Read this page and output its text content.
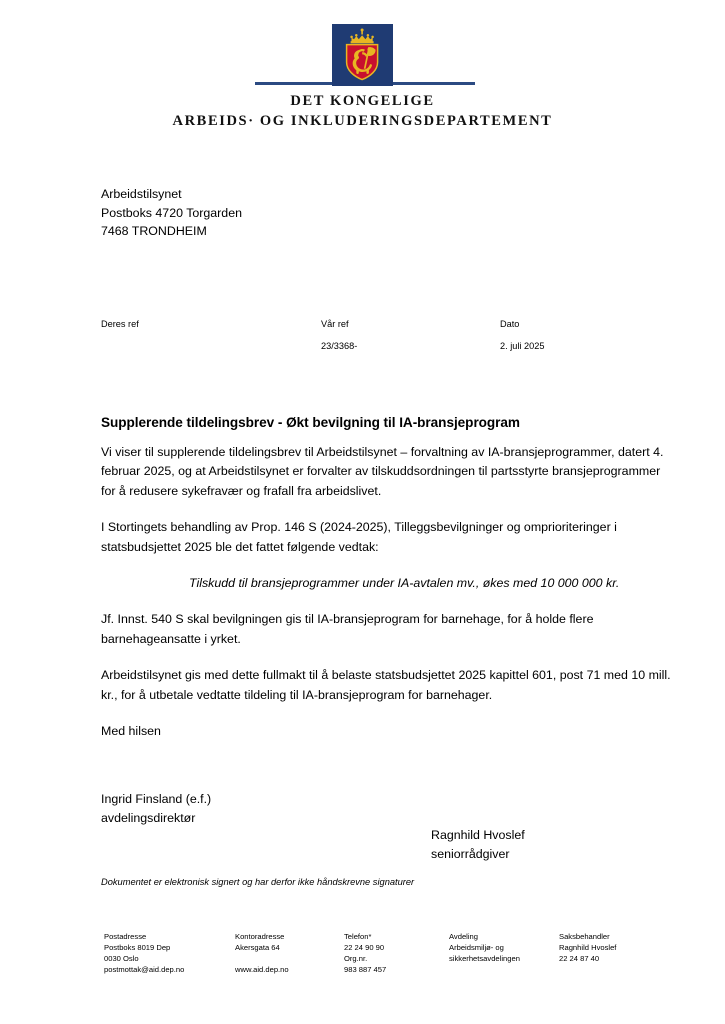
DET KONGELIGE
ARBEIDS· OG INKLUDERINGSDEPARTEMENT
Arbeidstilsynet
Postboks 4720 Torgarden
7468 TRONDHEIM
Deres ref	Vår ref
23/3368-
Dato
2. juli 2025
Supplerende tildelingsbrev - Økt bevilgning til IA-bransjeprogram

Vi viser til supplerende tildelingsbrev til Arbeidstilsynet – forvaltning av IA-bransjeprogrammer, datert 4. februar 2025, og at Arbeidstilsynet er forvalter av tilskuddsordningen til partsstyrte bransjeprogrammer for å redusere sykefravær og frafall fra arbeidslivet.

I Stortingets behandling av Prop. 146 S (2024-2025), Tilleggsbevilgninger og omprioriteringer i statsbudsjettet 2025 ble det fattet følgende vedtak:

Tilskudd til bransjeprogrammer under IA-avtalen mv., økes med 10 000 000 kr.

Jf. Innst. 540 S skal bevilgningen gis til IA-bransjeprogram for barnehage, for å holde flere barnehageansatte i yrket.

Arbeidstilsynet gis med dette fullmakt til å belaste statsbudsjettet 2025 kapittel 601, post 71 med 10 mill. kr., for å utbetale vedtatte tildeling til IA-bransjeprogram for barnehager.

Med hilsen

Ingrid Finsland (e.f.)
avdelingsdirektør
Ragnhild Hvoslef
seniorrådgiver
Dokumentet er elektronisk signert og har derfor ikke håndskrevne signaturer
Postadresse
Postboks 8019 Dep
0030 Oslo
postmottak@aid.dep.no
Kontoradresse
Akersgata 64

www.aid.dep.no
Telefon*
22 24 90 90
Org.nr.
983 887 457
Avdeling
Arbeidsmiljø- og
sikkerhetsavdelingen
Saksbehandler
Ragnhild Hvoslef
22 24 87 40
